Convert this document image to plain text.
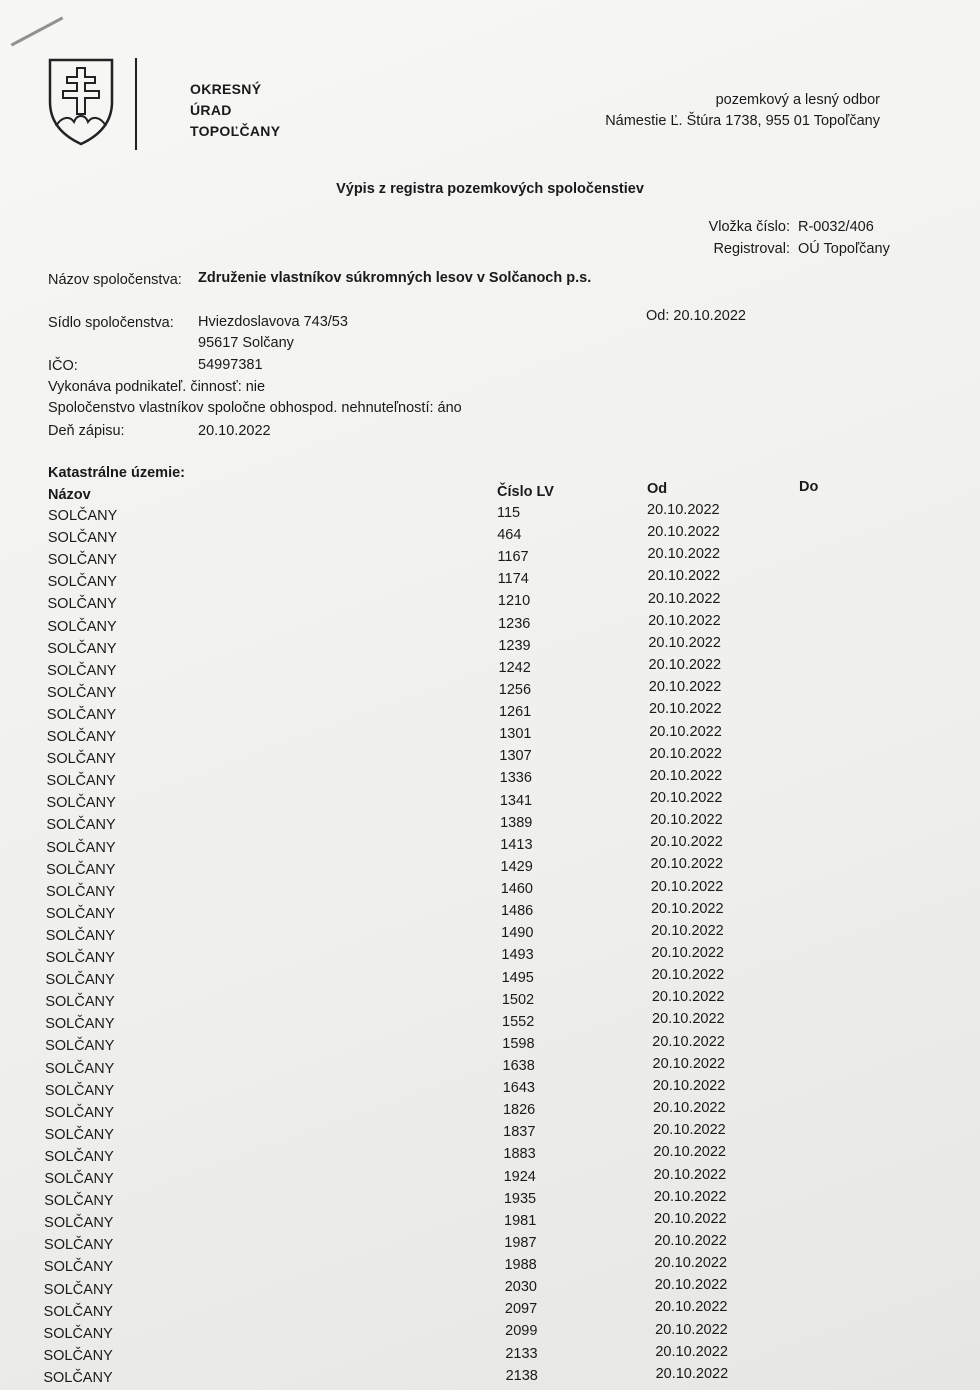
OKRESNÝ
ÚRAD
TOPOĽČANY
pozemkový a lesný odbor
Námestie Ľ. Štúra 1738, 955 01 Topoľčany
Výpis z registra pozemkových spoločenstiev
Vložka číslo: R-0032/406
Registroval: OÚ Topoľčany
Názov spoločenstva: Združenie vlastníkov súkromných lesov v Solčanoch p.s.
Sídlo spoločenstva: Hviezdoslavova 743/53
95617 Solčany
Od: 20.10.2022
IČO:	54997381
Vykonáva podnikateľ. činnosť: nie
Spoločenstvo vlastníkov spoločne obhospod. nehnuteľností: áno
Deň zápisu:	20.10.2022
Katastrálne územie:
Názov	Číslo LV	Od	Do
SOLČANY	115	20.10.2022
SOLČANY	464	20.10.2022
SOLČANY	1167	20.10.2022
SOLČANY	1174	20.10.2022
SOLČANY	1210	20.10.2022
SOLČANY	1236	20.10.2022
SOLČANY	1239	20.10.2022
SOLČANY	1242	20.10.2022
SOLČANY	1256	20.10.2022
SOLČANY	1261	20.10.2022
SOLČANY	1301	20.10.2022
SOLČANY	1307	20.10.2022
SOLČANY	1336	20.10.2022
SOLČANY	1341	20.10.2022
SOLČANY	1389	20.10.2022
SOLČANY	1413	20.10.2022
SOLČANY	1429	20.10.2022
SOLČANY	1460	20.10.2022
SOLČANY	1486	20.10.2022
SOLČANY	1490	20.10.2022
SOLČANY	1493	20.10.2022
SOLČANY	1495	20.10.2022
SOLČANY	1502	20.10.2022
SOLČANY	1552	20.10.2022
SOLČANY	1598	20.10.2022
SOLČANY	1638	20.10.2022
SOLČANY	1643	20.10.2022
SOLČANY	1826	20.10.2022
SOLČANY	1837	20.10.2022
SOLČANY	1883	20.10.2022
SOLČANY	1924	20.10.2022
SOLČANY	1935	20.10.2022
SOLČANY	1981	20.10.2022
SOLČANY	1987	20.10.2022
SOLČANY	1988	20.10.2022
SOLČANY	2030	20.10.2022
SOLČANY	2097	20.10.2022
SOLČANY	2099	20.10.2022
SOLČANY	2133	20.10.2022
SOLČANY	2138	20.10.2022
